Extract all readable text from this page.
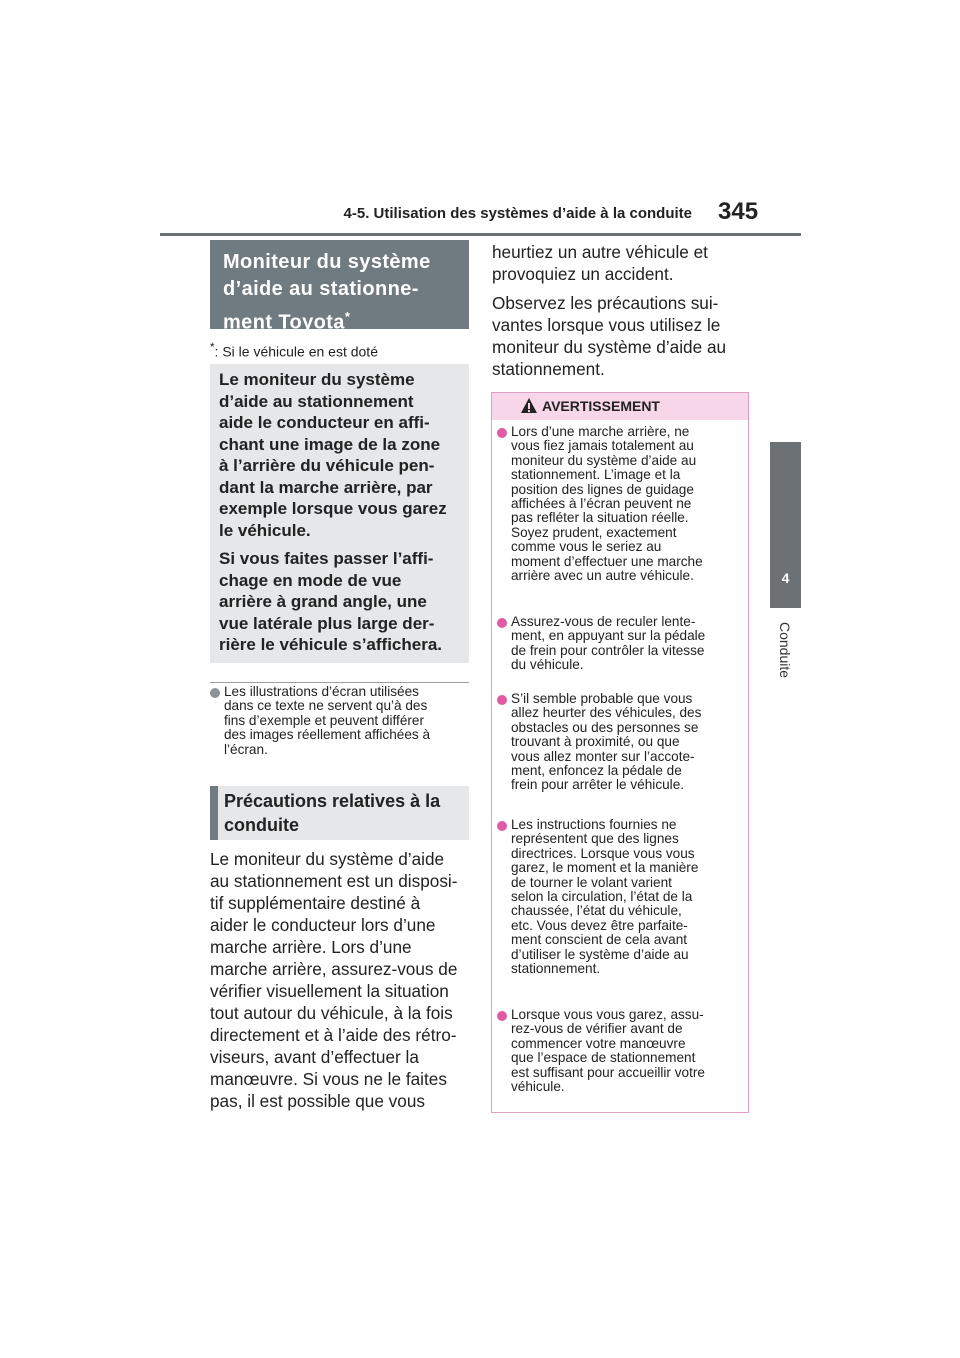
4-5. Utilisation des systèmes d’aide à la conduite 345
4
Conduite
Moniteur du système
d’aide au stationne-
ment Toyota*
*: Si le véhicule en est doté

Le moniteur du système
d’aide au stationnement
aide le conducteur en affi-
chant une image de la zone
à l’arrière du véhicule pen-
dant la marche arrière, par
exemple lorsque vous garez
le véhicule.

Si vous faites passer l’affi-
chage en mode de vue
arrière à grand angle, une
vue latérale plus large der-
rière le véhicule s’affichera.

Les illustrations d’écran utilisées
dans ce texte ne servent qu’à des
fins d’exemple et peuvent différer
des images réellement affichées à
l’écran.
Précautions relatives à la
conduite
Le moniteur du système d’aide
au stationnement est un disposi-
tif supplémentaire destiné à
aider le conducteur lors d’une
marche arrière. Lors d’une
marche arrière, assurez-vous de
vérifier visuellement la situation
tout autour du véhicule, à la fois
directement et à l’aide des rétro-
viseurs, avant d’effectuer la
manœuvre. Si vous ne le faites
pas, il est possible que vous

heurtiez un autre véhicule et
provoquiez un accident.

Observez les précautions sui-
vantes lorsque vous utilisez le
moniteur du système d’aide au
stationnement.

AVERTISSEMENT
Lors d’une marche arrière, ne
vous fiez jamais totalement au
moniteur du système d’aide au
stationnement. L’image et la
position des lignes de guidage
affichées à l’écran peuvent ne
pas refléter la situation réelle.
Soyez prudent, exactement
comme vous le seriez au
moment d’effectuer une marche
arrière avec un autre véhicule.
Assurez-vous de reculer lente-
ment, en appuyant sur la pédale
de frein pour contrôler la vitesse
du véhicule.
S’il semble probable que vous
allez heurter des véhicules, des
obstacles ou des personnes se
trouvant à proximité, ou que
vous allez monter sur l’accote-
ment, enfoncez la pédale de
frein pour arrêter le véhicule.
Les instructions fournies ne
représentent que des lignes
directrices. Lorsque vous vous
garez, le moment et la manière
de tourner le volant varient
selon la circulation, l’état de la
chaussée, l’état du véhicule,
etc. Vous devez être parfaite-
ment conscient de cela avant
d’utiliser le système d’aide au
stationnement.
Lorsque vous vous garez, assu-
rez-vous de vérifier avant de
commencer votre manœuvre
que l’espace de stationnement
est suffisant pour accueillir votre
véhicule.
